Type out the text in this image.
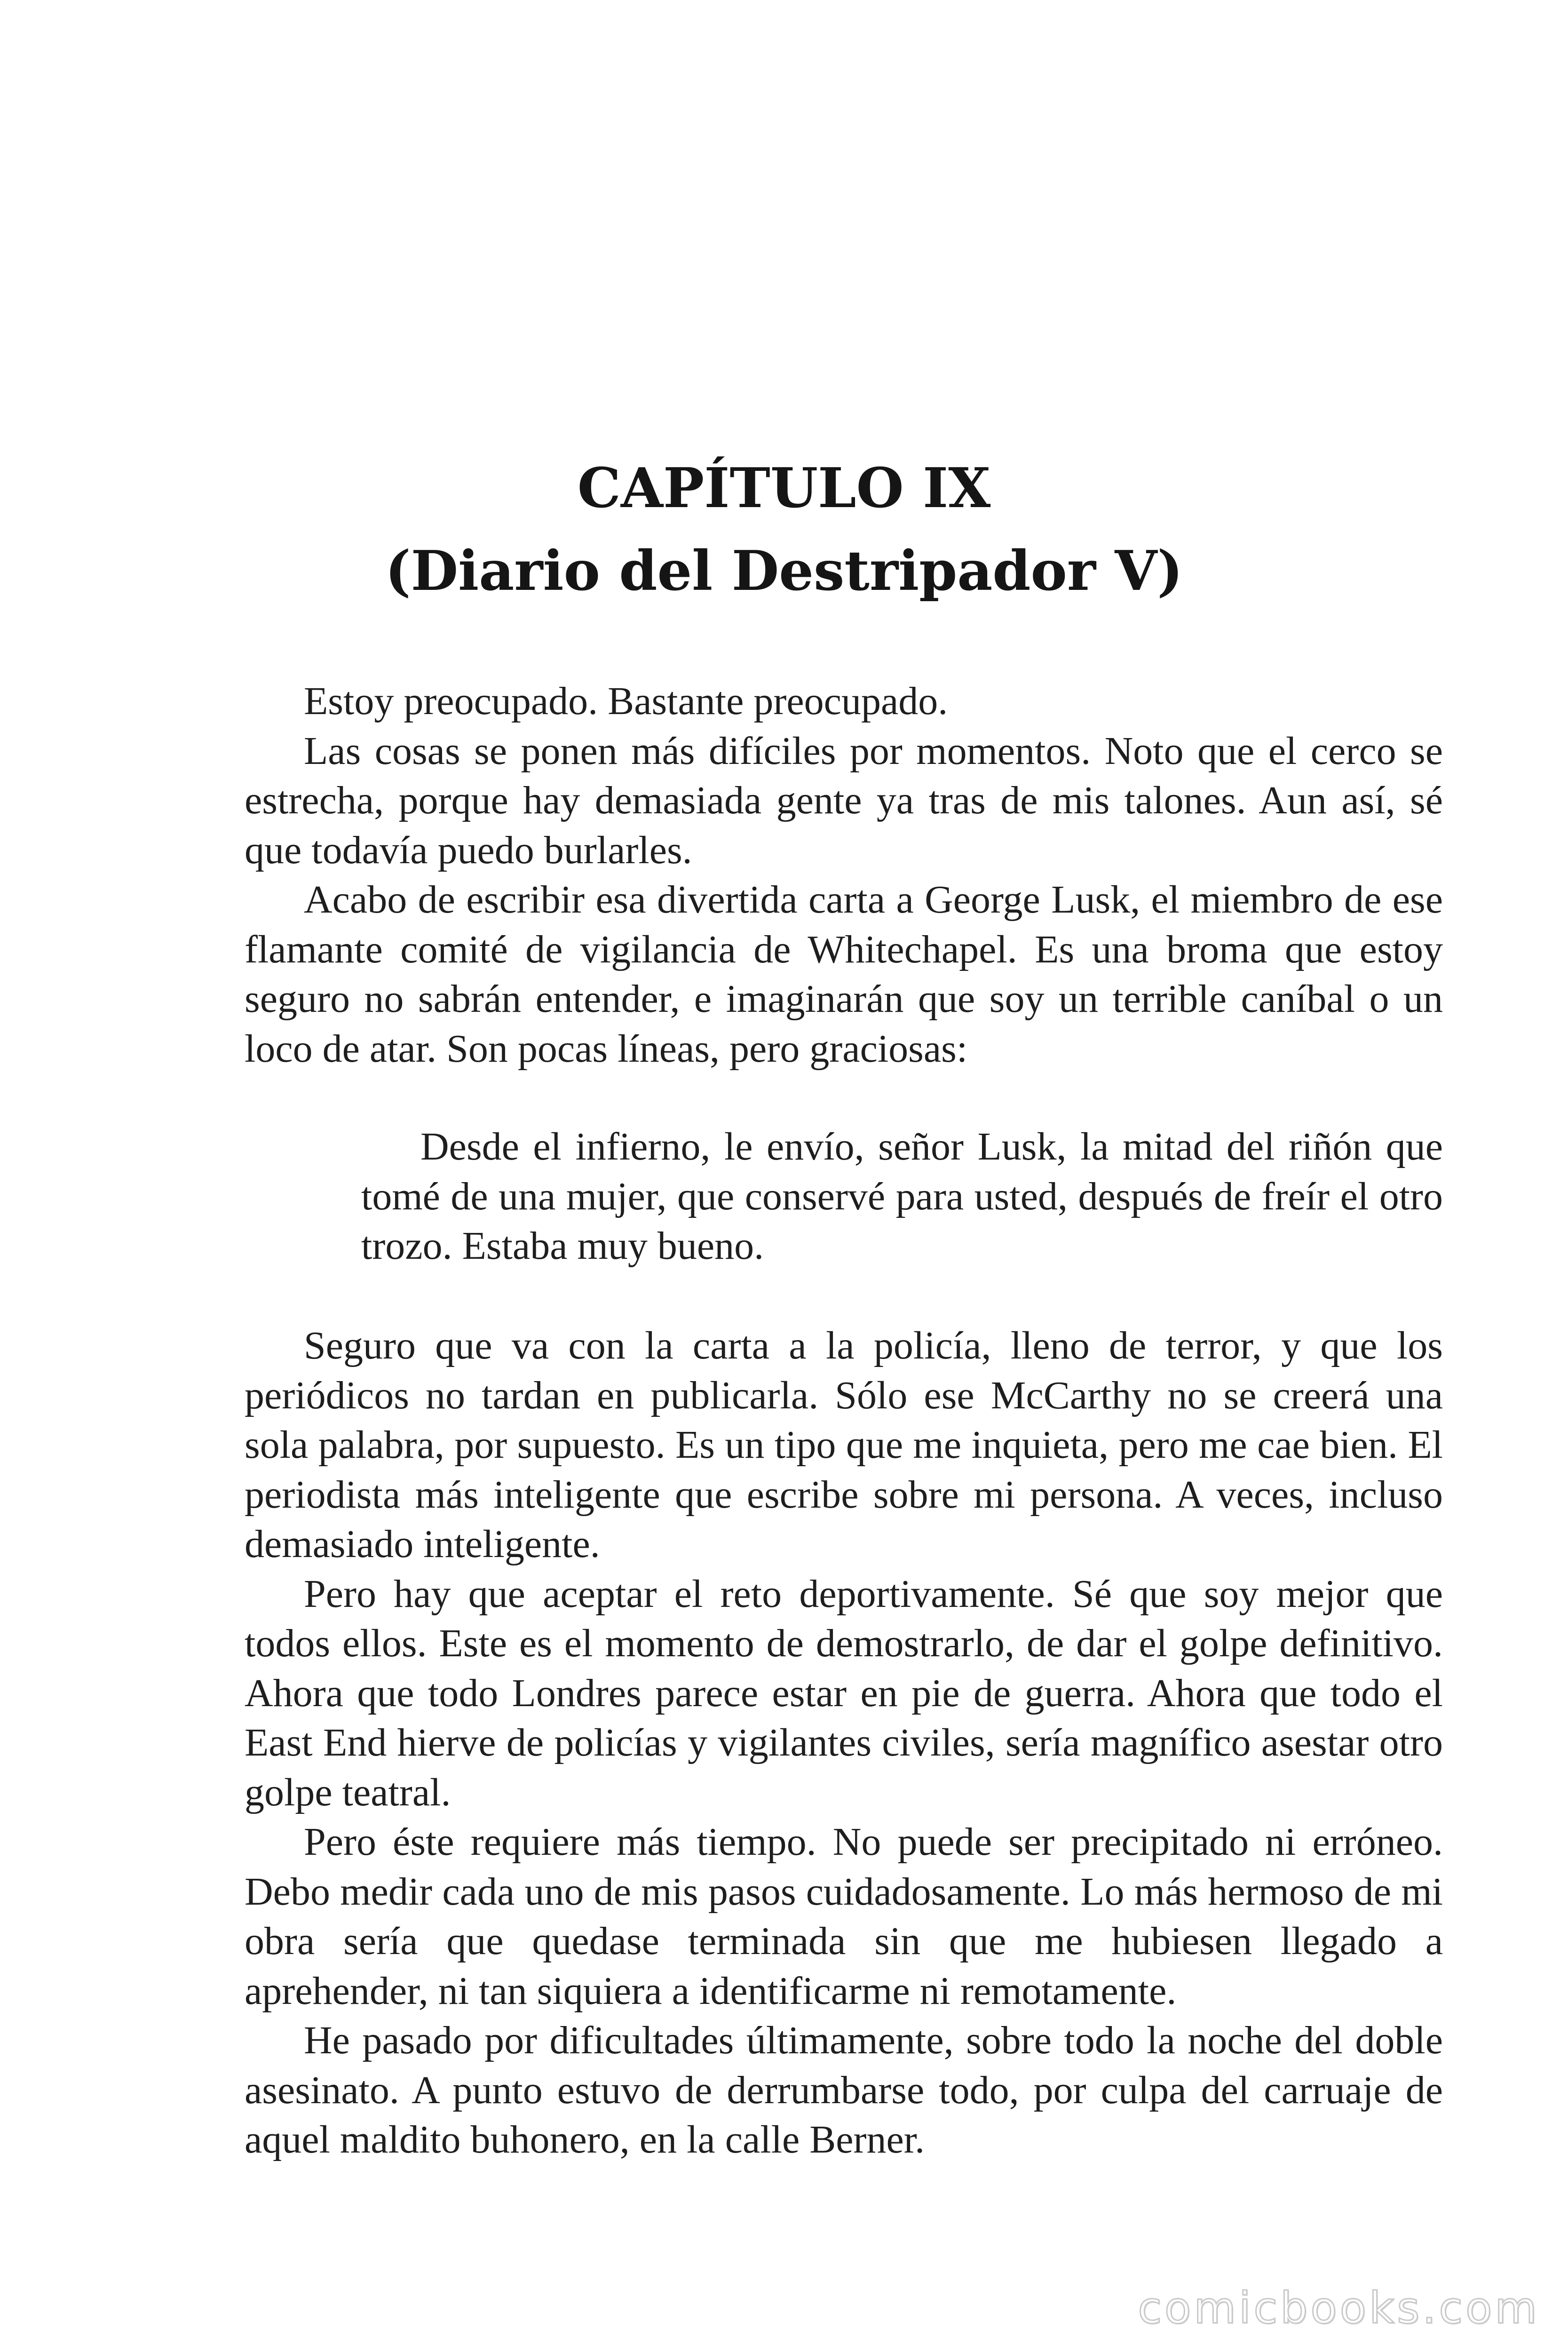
CAPÍTULO IX
(Diario del Destripador V)

Estoy preocupado. Bastante preocupado.

Las cosas se ponen más difíciles por momentos. Noto que el cerco se estrecha, porque hay demasiada gente ya tras de mis talones. Aun así, sé que todavía puedo burlarles.

Acabo de escribir esa divertida carta a George Lusk, el miembro de ese flamante comité de vigilancia de Whitechapel. Es una broma que estoy seguro no sabrán entender, e imaginarán que soy un terrible caníbal o un loco de atar. Son pocas líneas, pero graciosas:

Desde el infierno, le envío, señor Lusk, la mitad del riñón que tomé de una mujer, que conservé para usted, después de freír el otro trozo. Estaba muy bueno.

Seguro que va con la carta a la policía, lleno de terror, y que los periódicos no tardan en publicarla. Sólo ese McCarthy no se creerá una sola palabra, por supuesto. Es un tipo que me inquieta, pero me cae bien. El periodista más inteligente que escribe sobre mi persona. A veces, incluso demasiado inteligente.

Pero hay que aceptar el reto deportivamente. Sé que soy mejor que todos ellos. Este es el momento de demostrarlo, de dar el golpe definitivo. Ahora que todo Londres parece estar en pie de guerra. Ahora que todo el East End hierve de policías y vigilantes civiles, sería magnífico asestar otro golpe teatral.

Pero éste requiere más tiempo. No puede ser precipitado ni erróneo. Debo medir cada uno de mis pasos cuidadosamente. Lo más hermoso de mi obra sería que quedase terminada sin que me hubiesen llegado a aprehender, ni tan siquiera a identificarme ni remotamente.

He pasado por dificultades últimamente, sobre todo la noche del doble asesinato. A punto estuvo de derrumbarse todo, por culpa del carruaje de aquel maldito buhonero, en la calle Berner.

comicbooks.com
